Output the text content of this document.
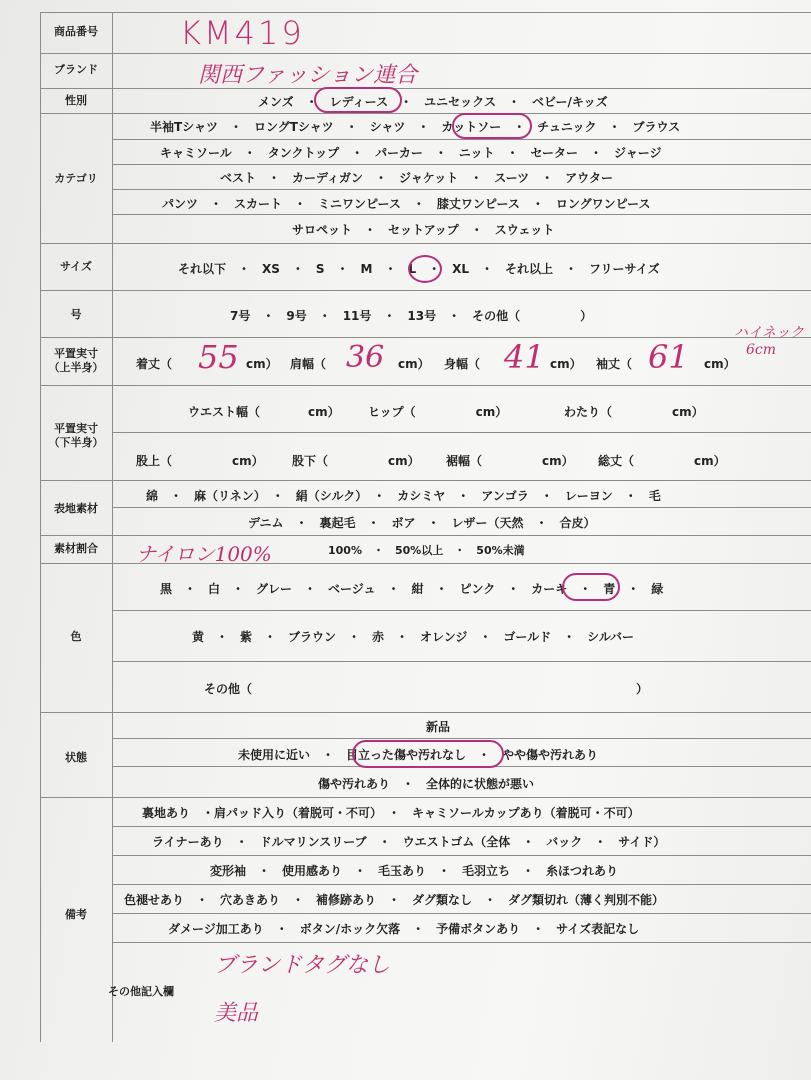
商品番号
ブランド
性別
カテゴリ
サイズ
号
平置実寸
（上半身）
平置実寸
（下半身）
表地素材
素材割合
色
状態
備考
KM419
関西ファッション連合
メンズ　・　レディース　・　ユニセックス　・　ベビー/キッズ
半袖Tシャツ　・　ロングTシャツ　・　シャツ　・　カットソー　・　チュニック　・　ブラウス
キャミソール　・　タンクトップ　・　パーカー　・　ニット　・　セーター　・　ジャージ
ベスト　・　カーディガン　・　ジャケット　・　スーツ　・　アウター
パンツ　・　スカート　・　ミニワンピース　・　膝丈ワンピース　・　ロングワンピース
サロペット　・　セットアップ　・　スウェット
それ以下　・　XS　・　S　・　M　・　L　・　XL　・　それ以上　・　フリーサイズ
7号　・　9号　・　11号　・　13号　・　その他（　　　　　）
着丈（ 55 cm） 肩幅（ 36 cm） 身幅（ 41 cm） 袖丈（ 61 cm）
ハイネック
6cm
ウエスト幅（　　　　cm） ヒップ（　　　　　cm）	わたり（　　　　　cm）
股上（　　　　　cm） 股下（　　　　　cm） 裾幅（　　　　　cm） 総丈（　　　　　cm）
綿　・　麻（リネン）　・　絹（シルク）　・　カシミヤ　・　アンゴラ　・　レーヨン　・　毛
デニム　・　裏起毛　・　ボア　・　レザー（天然　・　合皮）
ナイロン100%	100%　・　50%以上　・　50%未満
黒　・　白　・　グレー　・　ベージュ　・　紺　・　ピンク　・　カーキ　・　青　・　緑
黄　・　紫　・　ブラウン　・　赤　・　オレンジ　・　ゴールド　・　シルバー
その他（　　　　　　　　　　　　　　　　　　　　　　　　　　　　　　　　）
新品
未使用に近い　・　目立った傷や汚れなし　・　やや傷や汚れあり
傷や汚れあり　・　全体的に状態が悪い
裏地あり　・肩パッド入り（着脱可・不可）　・　キャミソールカップあり（着脱可・不可）
ライナーあり　・　ドルマリンスリーブ　・　ウエストゴム（全体　・　バック　・　サイド）
変形袖　・　使用感あり　・　毛玉あり　・　毛羽立ち　・　糸ほつれあり
色褪せあり　・　穴あきあり　・　補修跡あり　・　ダグ類なし　・　ダグ類切れ（薄く判別不能）
ダメージ加工あり　・　ボタン/ホック欠落　・　予備ボタンあり　・　サイズ表記なし
その他記入欄
ブランドタグなし
美品
